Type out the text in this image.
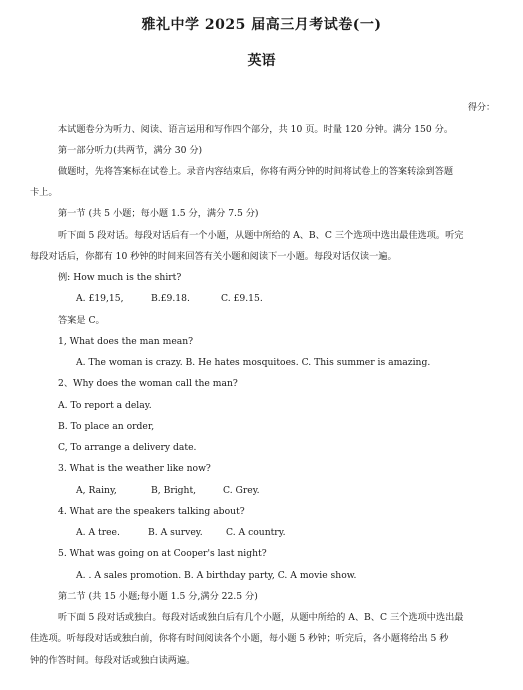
雅礼中学 2025 届高三月考试卷(一)
英语
得分：
本试题卷分为听力、阅读、语言运用和写作四个部分，共 10 页。时量 120 分钟。满分 150 分。
第一部分听力(共两节，满分 30 分)
做题时，先将答案标在试卷上。录音内容结束后，你将有两分钟的时间将试卷上的答案转涂到答题
卡上。
第一节 (共 5 小题；每小题 1.5 分，满分 7.5 分)
听下面 5 段对话。每段对话后有一个小题，从题中所给的 A、B、C 三个选项中选出最佳选项。听完
每段对话后，你都有 10 秒钟的时间来回答有关小题和阅读下一小题。每段对话仅读一遍。
例: How much is the shirt?
A. £19,15,	B.£9.18.	C. £9.15.
答案是 C。
1, What does the man mean?
A. The woman is crazy. B. He hates mosquitoes. C. This summer is amazing.
2、Why does the woman call the man?
A. To report a delay.
B. To place an order,
C, To arrange a delivery date.
3. What is the weather like now?
A, Rainy,	B, Bright,	C. Grey.
4. What are the speakers talking about?
A. A tree.	B. A survey.	C. A country.
5. What was going on at Cooper's last night?
A. . A sales promotion. B. A birthday party, C. A movie show.
第二节 (共 15 小题;每小题 1.5 分,满分 22.5 分)
听下面 5 段对话或独白。每段对话或独白后有几个小题，从题中所给的 A、B、C 三个选项中选出最
佳选项。听每段对话或独白前，你将有时间阅读各个小题，每小题 5 秒钟；听完后，各小题将给出 5 秒
钟的作答时间。每段对话或独白读两遍。
